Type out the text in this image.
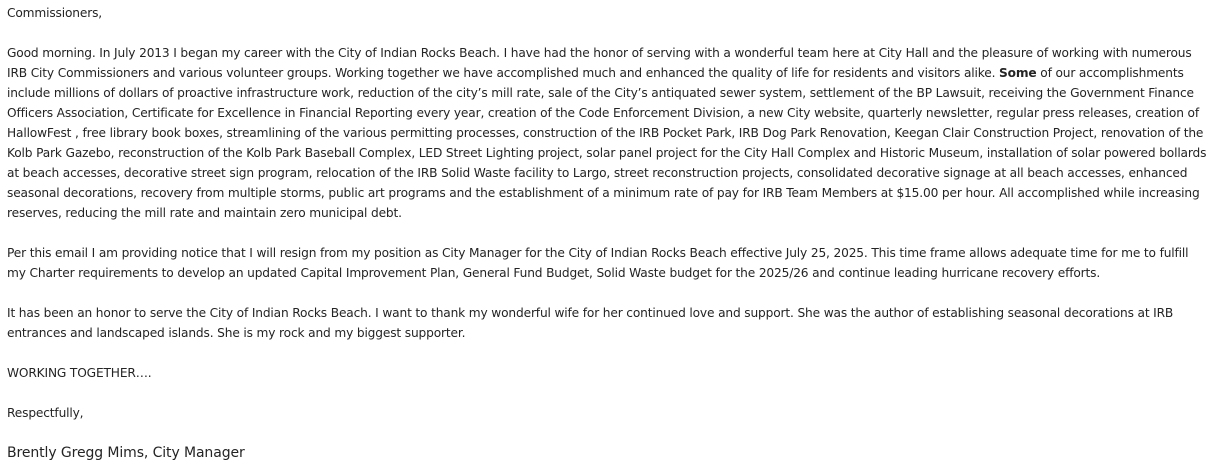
Commissioners,

Good morning. In July 2013 I began my career with the City of Indian Rocks Beach. I have had the honor of serving with a wonderful team here at City Hall and the pleasure of working with numerous IRB City Commissioners and various volunteer groups. Working together we have accomplished much and enhanced the quality of life for residents and visitors alike. Some of our accomplishments include millions of dollars of proactive infrastructure work, reduction of the city’s mill rate, sale of the City’s antiquated sewer system, settlement of the BP Lawsuit, receiving the Government Finance Officers Association, Certificate for Excellence in Financial Reporting every year, creation of the Code Enforcement Division, a new City website, quarterly newsletter, regular press releases, creation of HallowFest , free library book boxes, streamlining of the various permitting processes, construction of the IRB Pocket Park, IRB Dog Park Renovation, Keegan Clair Construction Project, renovation of the Kolb Park Gazebo, reconstruction of the Kolb Park Baseball Complex, LED Street Lighting project, solar panel project for the City Hall Complex and Historic Museum, installation of solar powered bollards at beach accesses, decorative street sign program, relocation of the IRB Solid Waste facility to Largo, street reconstruction projects, consolidated decorative signage at all beach accesses, enhanced seasonal decorations, recovery from multiple storms, public art programs and the establishment of a minimum rate of pay for IRB Team Members at $15.00 per hour. All accomplished while increasing reserves, reducing the mill rate and maintain zero municipal debt.

Per this email I am providing notice that I will resign from my position as City Manager for the City of Indian Rocks Beach effective July 25, 2025. This time frame allows adequate time for me to fulfill my Charter requirements to develop an updated Capital Improvement Plan, General Fund Budget, Solid Waste budget for the 2025/26 and continue leading hurricane recovery efforts.

It has been an honor to serve the City of Indian Rocks Beach. I want to thank my wonderful wife for her continued love and support. She was the author of establishing seasonal decorations at IRB entrances and landscaped islands. She is my rock and my biggest supporter.

WORKING TOGETHER….

Respectfully,

Brently Gregg Mims, City Manager
